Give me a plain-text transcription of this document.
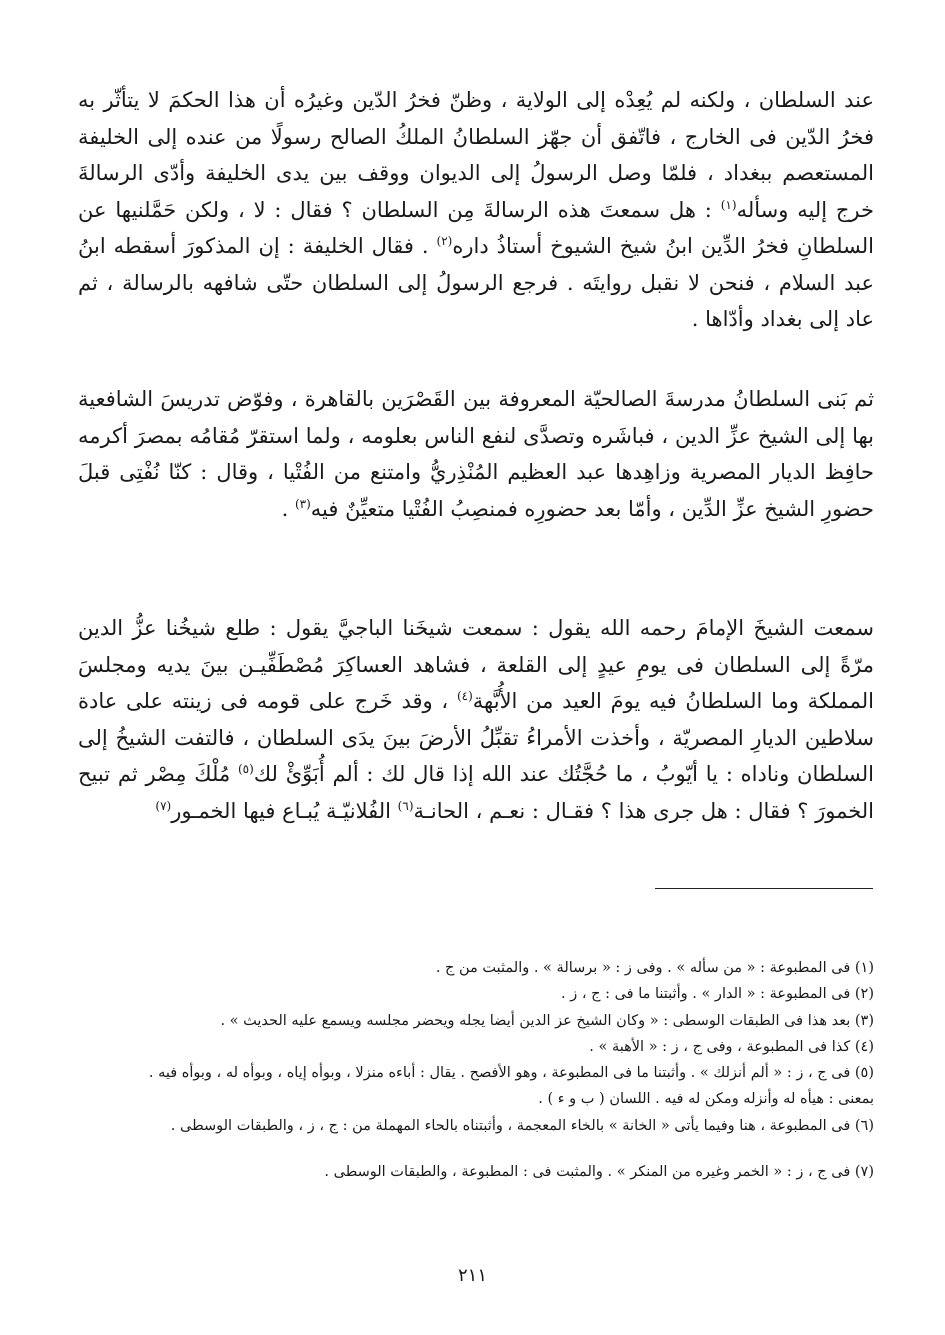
عند السلطان ، ولكنه لم يُعِدْه إلى الولاية ، وظنّ فخرُ الدّين وغيرُه أن هذا الحكمَ لا يتأثّر به فخرُ الدّين فى الخارج ، فاتّفق أن جهّز السلطانُ الملكُ الصالح رسولًا من عنده إلى الخليفة المستعصم ببغداد ، فلمّا وصل الرسولُ إلى الديوان ووقف بين يدى الخليفة وأدّى الرسالةَ خرج إليه وسأله$^{(١)}$ : هل سمعتَ هذه الرسالةَ مِن السلطان ؟ فقال : لا ، ولكن حَمَّلنيها عن السلطانِ فخرُ الدِّين ابنُ شيخ الشيوخ أستاذُ داره$^{(٢)}$ . فقال الخليفة : إن المذكورَ أسقطه ابنُ عبد السلام ، فنحن لا نقبل روايتَه . فرجع الرسولُ إلى السلطان حتّى شافهه بالرسالة ، ثم عاد إلى بغداد وأدّاها .

ثم بَنى السلطانُ مدرسةَ الصالحيّة المعروفة بين القَصْرَين بالقاهرة ، وفوّض تدريسَ الشافعية بها إلى الشيخ عزِّ الدين ، فباشَره وتصدَّى لنفع الناس بعلومه ، ولما استقرّ مُقامُه بمصرَ أكرمه حافِظ الديار المصرية وزاهِدها عبد العظيم المُنْذِريُّ وامتنع من الفُتْيا ، وقال : كنّا نُفْتِى قبلَ حضورِ الشيخ عزِّ الدِّين ، وأمّا بعد حضورِه فمنصِبُ الفُتْيا متعيِّنٌ فيه$^{(٣)}$ .

سمعت الشيخَ الإمامَ رحمه الله يقول : سمعت شيخَنا الباجيَّ يقول : طلع شيخُنا عزُّ الدين مرّةً إلى السلطان فى يومِ عيدٍ إلى القلعة ، فشاهد العساكِرَ مُصْطَفِّيـن بينَ يديه ومجلسَ المملكة وما السلطانُ فيه يومَ العيد من الأُبَّهة$^{(٤)}$ ، وقد خَرج على قومه فى زينته على عادة سلاطين الديارِ المصريّة ، وأخذت الأمراءُ تقبِّلُ الأرضَ بينَ يدَى السلطان ، فالتفت الشيخُ إلى السلطان وناداه : يا أيّوبُ ، ما حُجَّتُك عند الله إذا قال لك : ألم أُبَوِّئْ لك$^{(٥)}$ مُلْكَ مِصْر ثم تبيح الخمورَ ؟ فقال : هل جرى هذا ؟ فقـال : نعـم ، الحانـة$^{(٦)}$ الفُلانيّـة يُبـاع فيها الخمـور$^{(٧)}$

(١) فى المطبوعة : « من سأله » . وفى ز : « برسالة » . والمثبت من ج .
(٢) فى المطبوعة : « الدار » . وأثبتنا ما فى : ج ، ز .
(٣) بعد هذا فى الطبقات الوسطى : « وكان الشيخ عز الدين أيضا يجله ويحضر مجلسه ويسمع عليه الحديث » .
(٤) كذا فى المطبوعة ، وفى ج ، ز : « الأهبة » .
(٥) فى ج ، ز : « ألم أنزلك » . وأثبتنا ما فى المطبوعة ، وهو الأفصح . يقال : أباءه منزلا ، وبوأه إياه ، وبوأه له ، وبوأه فيه . بمعنى : هيأه له وأنزله ومكن له فيه . اللسان ( ب و ء ) .
(٦) فى المطبوعة ، هنا وفيما يأتى « الخانة » بالخاء المعجمة ، وأثبتناه بالحاء المهملة من : ج ، ز ، والطبقات الوسطى .
(٧) فى ج ، ز : « الخمر وغيره من المنكر » . والمثبت فى : المطبوعة ، والطبقات الوسطى .
٢١١
